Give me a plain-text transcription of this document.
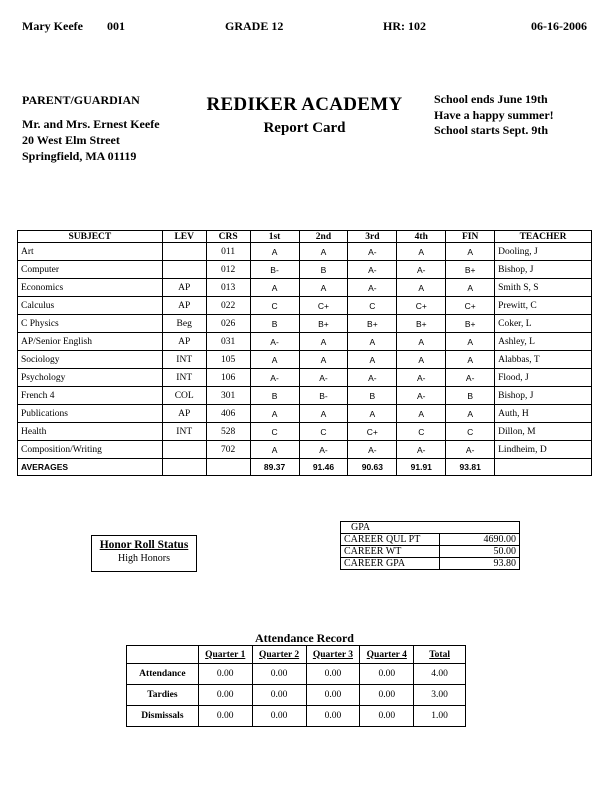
Mary Keefe 001	GRADE 12	HR: 102	06-16-2006
PARENT/GUARDIAN
Mr. and Mrs. Ernest Keefe
20 West Elm Street
Springfield, MA 01119
REDIKER ACADEMY
Report Card
School ends June 19th
Have a happy summer!
School starts Sept. 9th
SUBJECT	LEV	CRS	1st	2nd	3rd	4th	FIN	TEACHER
Art		011	A	A	A-	A	A	Dooling, J
Computer		012	B-	B	A-	A-	B+	Bishop, J
Economics	AP	013	A	A	A-	A	A	Smith S, S
Calculus	AP	022	C	C+	C	C+	C+	Prewitt, C
C Physics	Beg	026	B	B+	B+	B+	B+	Coker, L
AP/Senior English	AP	031	A-	A	A	A	A	Ashley, L
Sociology	INT	105	A	A	A	A	A	Alabbas, T
Psychology	INT	106	A-	A-	A-	A-	A-	Flood, J
French 4	COL	301	B	B-	B	A-	B	Bishop, J
Publications	AP	406	A	A	A	A	A	Auth, H
Health	INT	528	C	C	C+	C	C	Dillon, M
Composition/Writing		702	A	A-	A-	A-	A-	Lindheim, D
AVERAGES			89.37	91.46	90.63	91.91	93.81	
Honor Roll Status
High Honors
GPA	
CAREER QUL PT	4690.00
CAREER WT	50.00
CAREER GPA	93.80
Attendance Record
	Quarter 1	Quarter 2	Quarter 3	Quarter 4	Total
Attendance	0.00	0.00	0.00	0.00	4.00
Tardies	0.00	0.00	0.00	0.00	3.00
Dismissals	0.00	0.00	0.00	0.00	1.00
